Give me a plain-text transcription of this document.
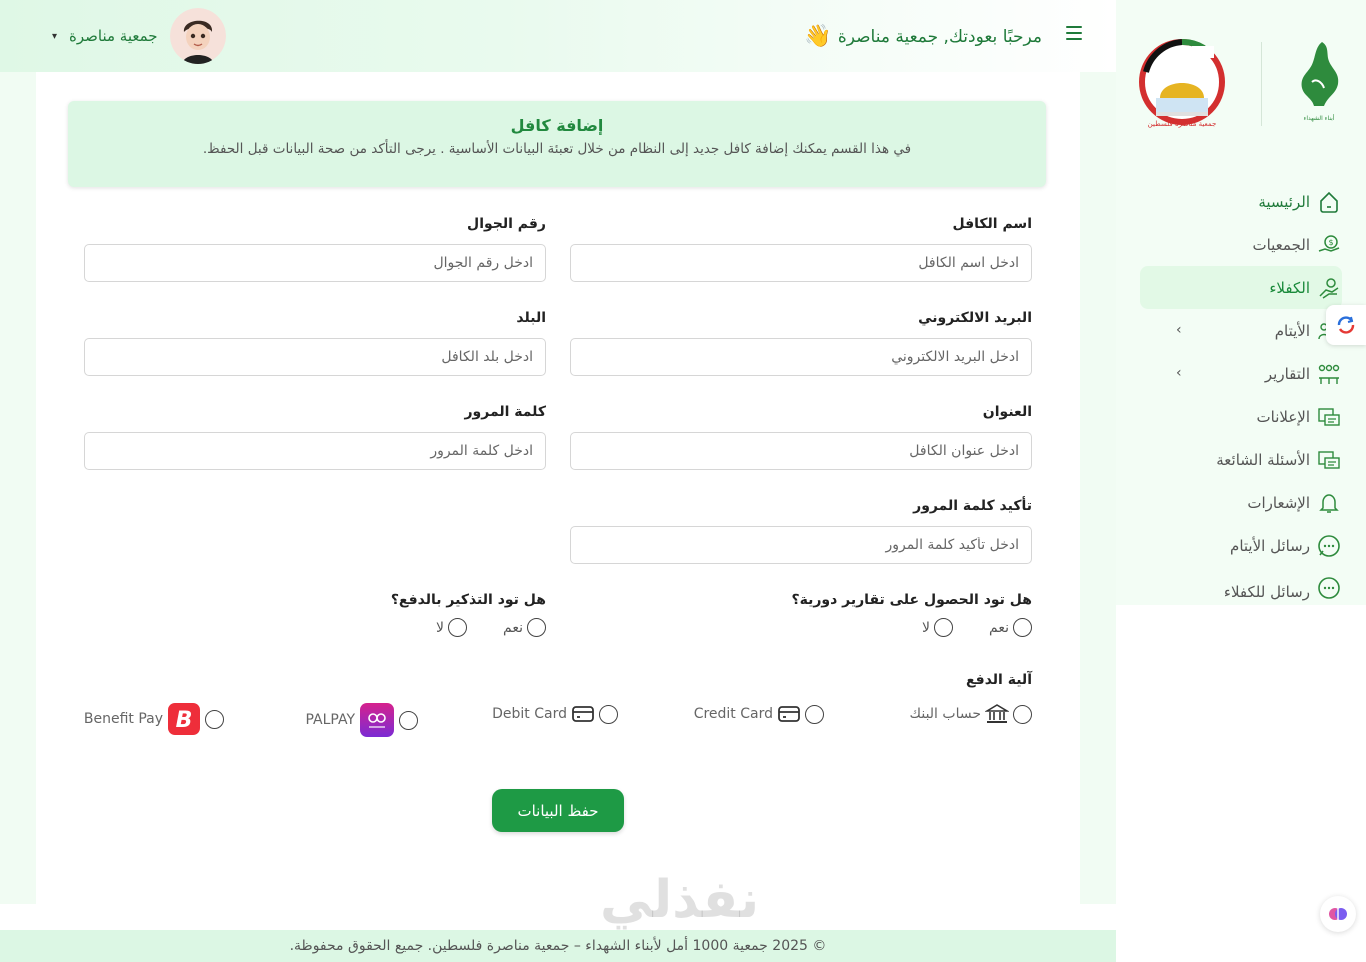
أبناء الشهداء
جمعية مناصرة فلسطين
الرئيسية
$
الجمعيات
الكفلاء
الأيتام
‹
التقارير
‹
الإعلانات
الأسئلة الشائعة
الإشعارات
رسائل الأيتام
رسائل للكفلاء
مرحبًا بعودتك, جمعية مناصرة
👋
▾ جمعية مناصرة
إضافة كافل
في هذا القسم يمكنك إضافة كافل جديد إلى النظام من خلال تعبئة البيانات الأساسية . يرجى التأكد من صحة البيانات قبل الحفظ.
اسم الكافل
ادخل اسم الكافل
رقم الجوال
ادخل رقم الجوال
البريد الالكتروني
ادخل البريد الالكتروني
البلد
ادخل بلد الكافل
العنوان
ادخل عنوان الكافل
كلمة المرور
تأكيد كلمة المرور
هل تود الحصول على تقارير دورية؟
نعم
لا
هل تود التذكير بالدفع؟
نعم
لا
آلية الدفع
حساب البنك
Credit Card
Debit Card
PALPAY
B
Benefit Pay
حفظ البيانات
نفذلي
© 2025 جمعية 1000 أمل لأبناء الشهداء – جمعية مناصرة فلسطين. جميع الحقوق محفوظة.
